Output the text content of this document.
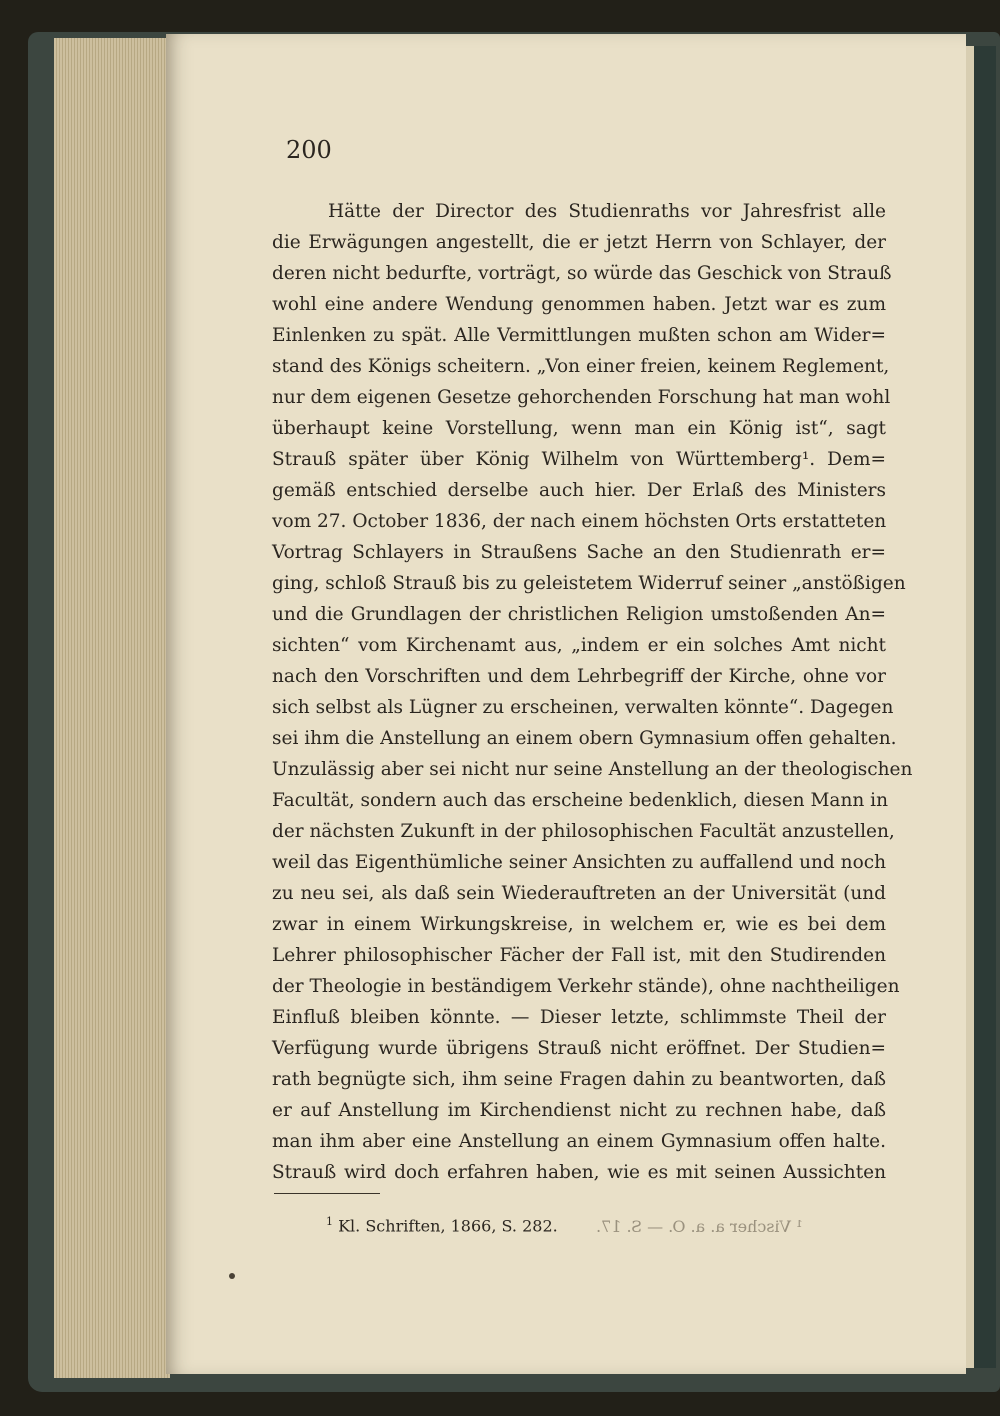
200
Hätte der Director des Studienraths vor Jahresfrist alle
die Erwägungen angestellt, die er jetzt Herrn von Schlayer, der
deren nicht bedurfte, vorträgt, so würde das Geschick von Strauß
wohl eine andere Wendung genommen haben. Jetzt war es zum
Einlenken zu spät. Alle Vermittlungen mußten schon am Wider=
stand des Königs scheitern. „Von einer freien, keinem Reglement,
nur dem eigenen Gesetze gehorchenden Forschung hat man wohl
überhaupt keine Vorstellung, wenn man ein König ist“, sagt
Strauß später über König Wilhelm von Württemberg¹. Dem=
gemäß entschied derselbe auch hier. Der Erlaß des Ministers
vom 27. October 1836, der nach einem höchsten Orts erstatteten
Vortrag Schlayers in Straußens Sache an den Studienrath er=
ging, schloß Strauß bis zu geleistetem Widerruf seiner „anstößigen
und die Grundlagen der christlichen Religion umstoßenden An=
sichten“ vom Kirchenamt aus, „indem er ein solches Amt nicht
nach den Vorschriften und dem Lehrbegriff der Kirche, ohne vor
sich selbst als Lügner zu erscheinen, verwalten könnte“. Dagegen
sei ihm die Anstellung an einem obern Gymnasium offen gehalten.
Unzulässig aber sei nicht nur seine Anstellung an der theologischen
Facultät, sondern auch das erscheine bedenklich, diesen Mann in
der nächsten Zukunft in der philosophischen Facultät anzustellen,
weil das Eigenthümliche seiner Ansichten zu auffallend und noch
zu neu sei, als daß sein Wiederauftreten an der Universität (und
zwar in einem Wirkungskreise, in welchem er, wie es bei dem
Lehrer philosophischer Fächer der Fall ist, mit den Studirenden
der Theologie in beständigem Verkehr stände), ohne nachtheiligen
Einfluß bleiben könnte. — Dieser letzte, schlimmste Theil der
Verfügung wurde übrigens Strauß nicht eröffnet. Der Studien=
rath begnügte sich, ihm seine Fragen dahin zu beantworten, daß
er auf Anstellung im Kirchendienst nicht zu rechnen habe, daß
man ihm aber eine Anstellung an einem Gymnasium offen halte.
Strauß wird doch erfahren haben, wie es mit seinen Aussichten
$^1$ Kl. Schriften, 1866, S. 282. ¹ Vischer a. a. O. — S. 17.
